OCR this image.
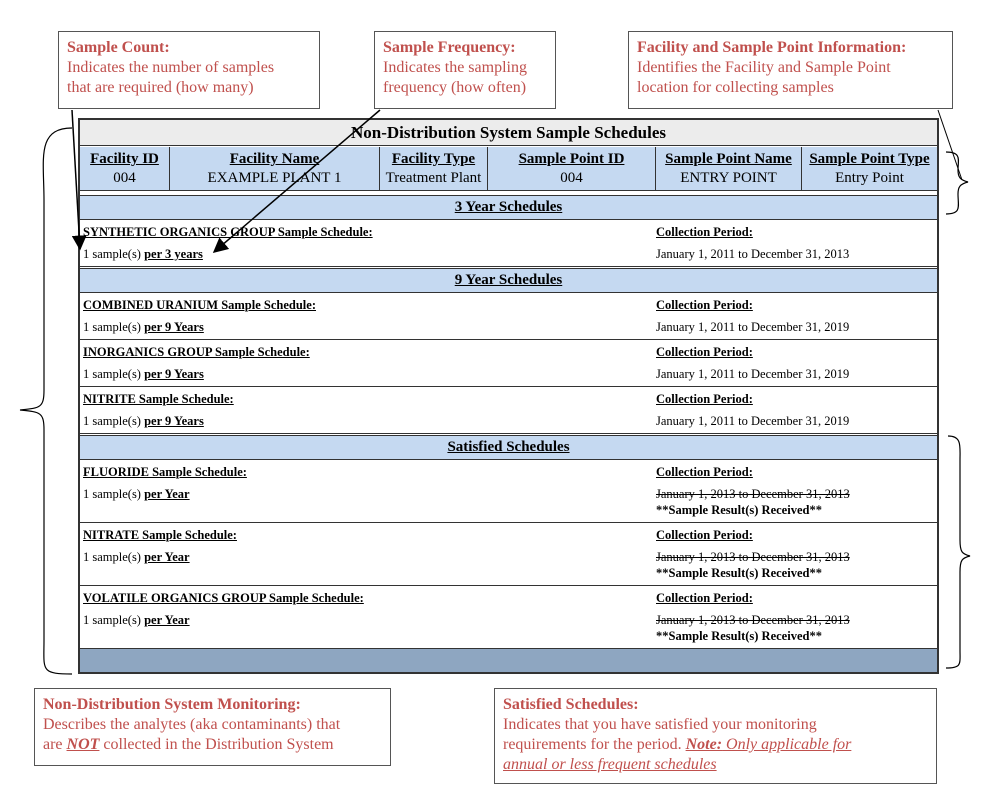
Sample Count:
Indicates the number of samples
that are required (how many)
Sample Frequency:
Indicates the sampling
frequency (how often)
Facility and Sample Point Information:
Identifies the Facility and Sample Point
location for collecting samples
Non-Distribution System Sample Schedules
Facility ID
004
Facility Name
EXAMPLE PLANT 1
Facility Type
Treatment Plant
Sample Point ID
004
Sample Point Name
ENTRY POINT
Sample Point Type
Entry Point
3 Year Schedules
SYNTHETIC ORGANICS GROUP Sample Schedule:
1 sample(s) per 3 years
Collection Period:
January 1, 2011 to December 31, 2013
9 Year Schedules
COMBINED URANIUM Sample Schedule:
1 sample(s) per 9 Years
Collection Period:
January 1, 2011 to December 31, 2019
INORGANICS GROUP Sample Schedule:
1 sample(s) per 9 Years
Collection Period:
January 1, 2011 to December 31, 2019
NITRITE Sample Schedule:
1 sample(s) per 9 Years
Collection Period:
January 1, 2011 to December 31, 2019
Satisfied Schedules
FLUORIDE Sample Schedule:
1 sample(s) per Year
Collection Period:
January 1, 2013 to December 31, 2013
**Sample Result(s) Received**
NITRATE Sample Schedule:
1 sample(s) per Year
Collection Period:
January 1, 2013 to December 31, 2013
**Sample Result(s) Received**
VOLATILE ORGANICS GROUP Sample Schedule:
1 sample(s) per Year
Collection Period:
January 1, 2013 to December 31, 2013
**Sample Result(s) Received**
Non-Distribution System Monitoring:
Describes the analytes (aka contaminants) that
are NOT collected in the Distribution System
Satisfied Schedules:
Indicates that you have satisfied your monitoring
requirements for the period. Note: Only applicable for
annual or less frequent schedules
